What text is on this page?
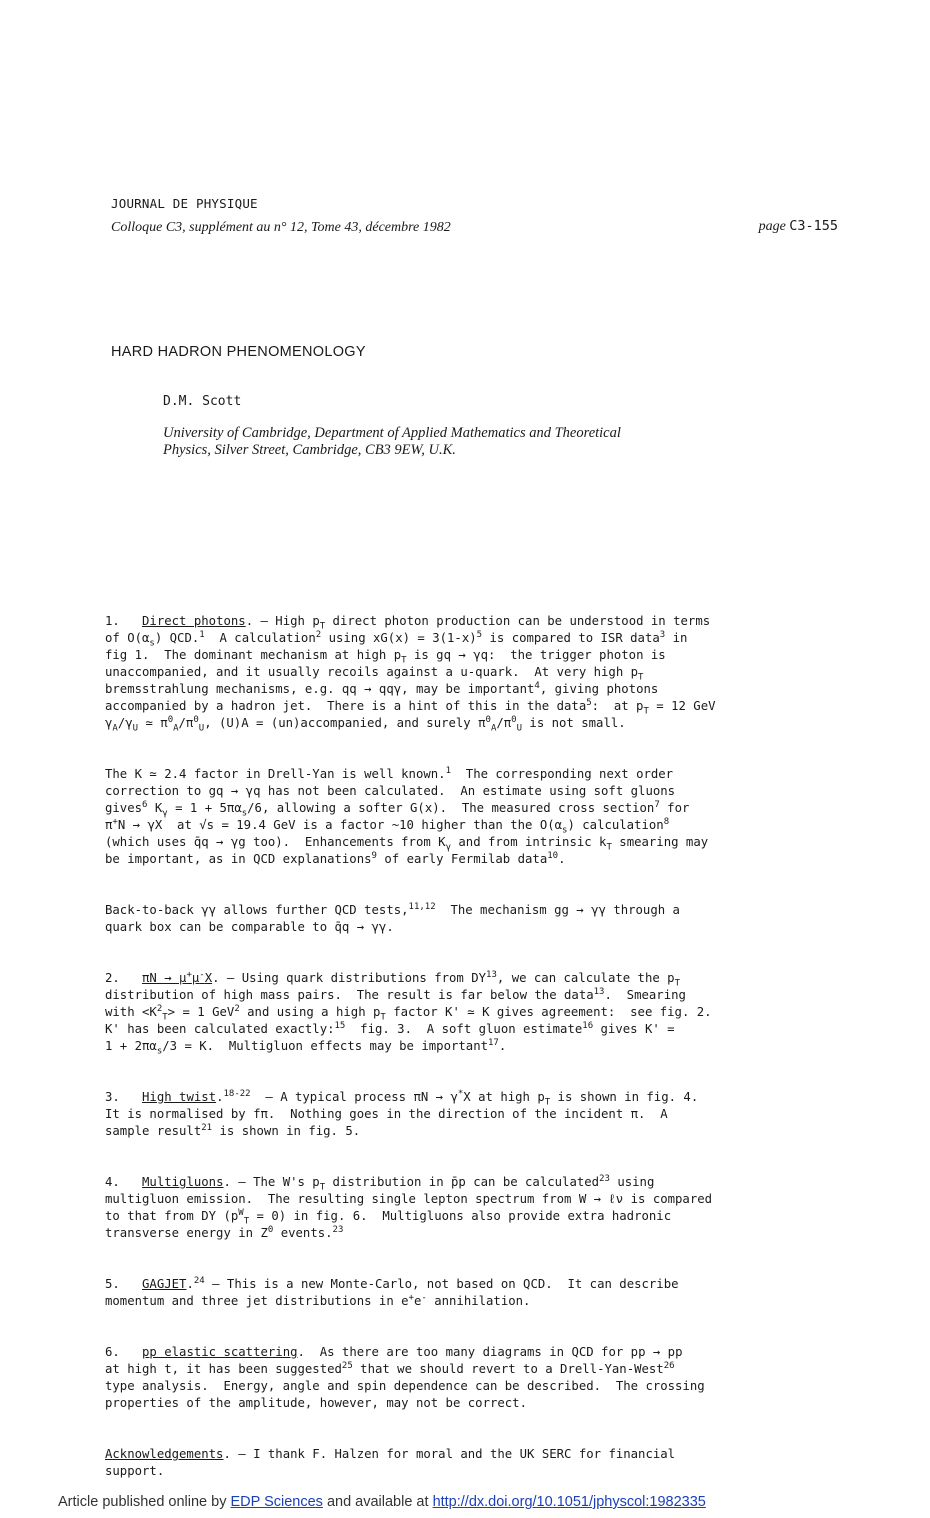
JOURNAL DE PHYSIQUE
Colloque C3, supplément au n° 12, Tome 43, décembre 1982	page C3-155
HARD HADRON PHENOMENOLOGY
D.M. Scott
University of Cambridge, Department of Applied Mathematics and Theoretical
Physics, Silver Street, Cambridge, CB3 9EW, U.K.

1.   Direct photons. — High $p_T$ direct photon production can be understood in terms
of $O(\alpha_s)$ QCD.$^1$  A calculation$^2$ using $xG(x) = 3(1-x)^5$ is compared to ISR data$^3$ in
fig 1.  The dominant mechanism at high $p_T$ is gq → γq:  the trigger photon is
unaccompanied, and it usually recoils against a u-quark.  At very high $p_T$
bremsstrahlung mechanisms, e.g. qq → qqγ, may be important$^4$, giving photons
accompanied by a hadron jet.  There is a hint of this in the data$^5$:  at $p_T = 12$ GeV
$\gamma_A/\gamma_U$ ≃ $\pi^0_A/\pi^0_U$, (U)A = (un)accompanied, and surely $\pi^0_A/\pi^0_U$ is not small.

The K ≃ 2.4 factor in Drell-Yan is well known.$^1$  The corresponding next order
correction to gq → γq has not been calculated.  An estimate using soft gluons
gives$^6$ $K_\gamma = 1 + 5\pi\alpha_s/6$, allowing a softer G(x).  The measured cross section$^7$ for
π+N → γX  at √s = 19.4 GeV is a factor ~10 higher than the $O(\alpha_s)$ calculation$^8$
(which uses q̄q → γg too).  Enhancements from $K_\gamma$ and from intrinsic $k_T$ smearing may
be important, as in QCD explanations$^9$ of early Fermilab data$^{10}$.

Back-to-back γγ allows further QCD tests,$^{11,12}$  The mechanism gg → γγ through a
quark box can be comparable to q̄q → γγ.

2.   πN → μ+μ-X. — Using quark distributions from DY$^{13}$, we can calculate the $p_T$
distribution of high mass pairs.  The result is far below the data$^{13}$.  Smearing
with $<K^2_T> = 1$ GeV$^2$ and using a high $p_T$ factor K' ≃ K gives agreement:  see fig. 2.
K' has been calculated exactly:$^{15}$  fig. 3.  A soft gluon estimate$^{16}$ gives K' =
$1 + 2\pi\alpha_s/3 = K$.  Multigluon effects may be important$^{17}$.

3.   High twist.$^{18-22}$  — A typical process πN → γ*X at high $p_T$ is shown in fig. 4.
It is normalised by fπ.  Nothing goes in the direction of the incident π.  A
sample result$^{21}$ is shown in fig. 5.

4.   Multigluons. — The W's $p_T$ distribution in p̄p can be calculated$^{23}$ using
multigluon emission.  The resulting single lepton spectrum from W → ℓν is compared
to that from DY $(p^W_T = 0)$ in fig. 6.  Multigluons also provide extra hadronic
transverse energy in $Z^0$ events.$^{23}$

5.   GAGJET.$^{24}$ — This is a new Monte-Carlo, not based on QCD.  It can describe
momentum and three jet distributions in e+e- annihilation.

6.   pp elastic scattering.  As there are too many diagrams in QCD for pp → pp
at high t, it has been suggested$^{25}$ that we should revert to a Drell-Yan-West$^{26}$
type analysis.  Energy, angle and spin dependence can be described.  The crossing
properties of the amplitude, however, may not be correct.

Acknowledgements. — I thank F. Halzen for moral and the UK SERC for financial
support.

Article published online by EDP Sciences and available at http://dx.doi.org/10.1051/jphyscol:1982335
